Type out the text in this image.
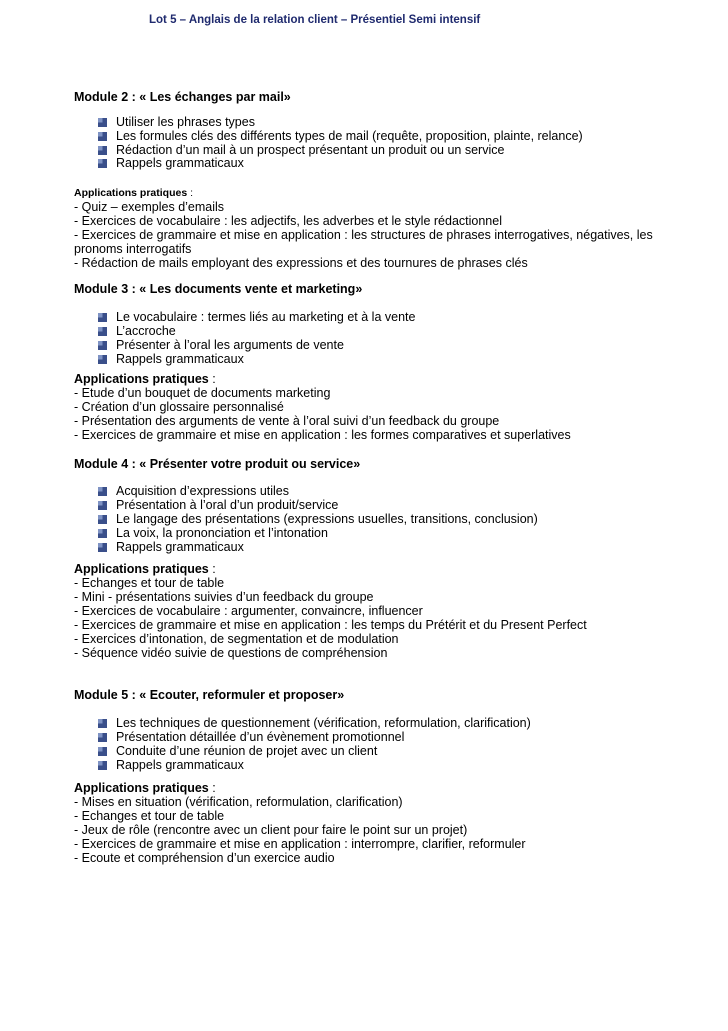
Lot 5 – Anglais de la relation client – Présentiel Semi intensif

Module 2 : « Les échanges par mail»

Utiliser les phrases types
Les formules clés des différents types de mail (requête, proposition, plainte, relance)
Rédaction d’un mail à un prospect présentant un produit ou un service
Rappels grammaticaux
Applications pratiques :
- Quiz – exemples d’emails
- Exercices de vocabulaire : les adjectifs, les adverbes et le style rédactionnel
- Exercices de grammaire et mise en application : les structures de phrases interrogatives, négatives, les pronoms interrogatifs
- Rédaction de mails employant des expressions et des tournures de phrases clés

Module 3 : « Les documents vente et marketing»

Le vocabulaire : termes liés au marketing et à la vente
L’accroche
Présenter à l’oral les arguments de vente
Rappels grammaticaux
Applications pratiques :
- Etude d’un bouquet de documents marketing
- Création d’un glossaire personnalisé
- Présentation des arguments de vente à l’oral suivi d’un feedback du groupe
- Exercices de grammaire et mise en application : les formes comparatives et superlatives

Module 4 : « Présenter votre produit ou service»

Acquisition d’expressions utiles
Présentation à l’oral d’un produit/service
Le langage des présentations (expressions usuelles, transitions, conclusion)
La voix, la prononciation et l’intonation
Rappels grammaticaux
Applications pratiques :
- Echanges et tour de table
- Mini - présentations suivies d’un feedback du groupe
- Exercices de vocabulaire : argumenter, convaincre, influencer
- Exercices de grammaire et mise en application : les temps du Prétérit et du Present Perfect
- Exercices d’intonation, de segmentation et de modulation
- Séquence vidéo suivie de questions de compréhension

Module 5 : « Ecouter, reformuler et proposer»

Les techniques de questionnement (vérification, reformulation, clarification)
Présentation détaillée d’un évènement promotionnel
Conduite d’une réunion de projet avec un client
Rappels grammaticaux
Applications pratiques :
- Mises en situation (vérification, reformulation, clarification)
- Echanges et tour de table
- Jeux de rôle (rencontre avec un client pour faire le point sur un projet)
- Exercices de grammaire et mise en application : interrompre, clarifier, reformuler
- Ecoute et compréhension d’un exercice audio
